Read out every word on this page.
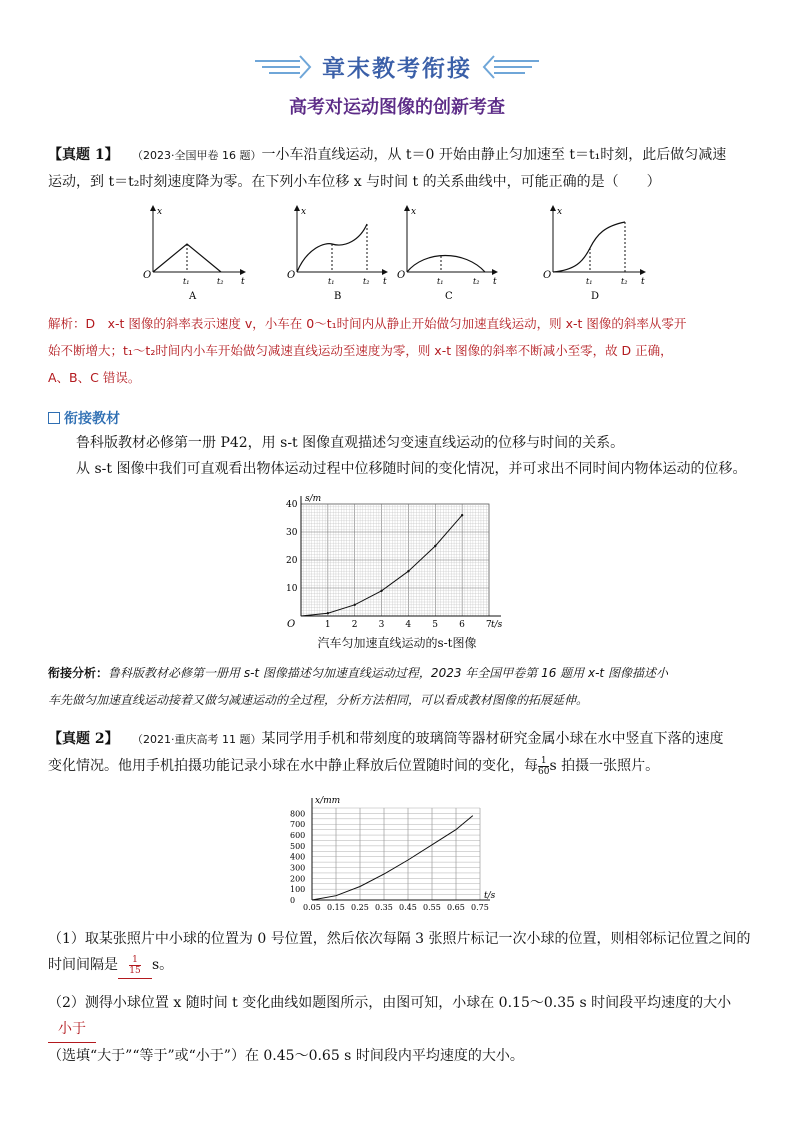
章末教考衔接
高考对运动图像的创新考查
【真题 1】 （2023·全国甲卷 16 题）一小车沿直线运动，从 t＝0 开始由静止匀加速至 t＝t₁时刻，此后做匀减速
运动，到 t＝t₂时刻速度降为零。在下列小车位移 x 与时间 t 的关系曲线中，可能正确的是（　　）
O
x
t
t₁	t₂
A
O
x
t
t₁	t₂
B
O
x
t
t₁	t₂
C
O
x
t
t₁	t₂
D
解析：D　x-t 图像的斜率表示速度 v，小车在 0～t₁时间内从静止开始做匀加速直线运动，则 x-t 图像的斜率从零开
始不断增大；t₁～t₂时间内小车开始做匀减速直线运动至速度为零，则 x-t 图像的斜率不断减小至零，故 D 正确，
A、B、C 错误。
衔接教材
鲁科版教材必修第一册 P42，用 s-t 图像直观描述匀变速直线运动的位移与时间的关系。
从 s-t 图像中我们可直观看出物体运动过程中位移随时间的变化情况，并可求出不同时间内物体运动的位移。
1 2 3 4 5 6 7
10
20
30
40
O	t/s
s/m
汽车匀加速直线运动的s-t图像
衔接分析：鲁科版教材必修第一册用 s-t 图像描述匀加速直线运动过程，2023 年全国甲卷第 16 题用 x-t 图像描述小
车先做匀加速直线运动接着又做匀减速运动的全过程，分析方法相同，可以看成教材图像的拓展延伸。
【真题 2】 （2021·重庆高考 11 题）某同学用手机和带刻度的玻璃筒等器材研究金属小球在水中竖直下落的速度
变化情况。他用手机拍摄功能记录小球在水中静止释放后位置随时间的变化，每 $\frac{1}{60}$ s 拍摄一张照片。
0.05 0.15 0.25 0.35 0.45 0.55 0.65 0.75
0
100
200
300
400
500
600
700
800
t/s
x/mm
（1）取某张照片中小球的位置为 0 号位置，然后依次每隔 3 张照片标记一次小球的位置，则相邻标记位置之间的
时间间隔是 $\frac{1}{15}$ s。
（2）测得小球位置 x 随时间 t 变化曲线如题图所示，由图可知，小球在 0.15～0.35 s 时间段平均速度的大小小于
（选填“大于”“等于”或“小于”）在 0.45～0.65 s 时间段内平均速度的大小。
